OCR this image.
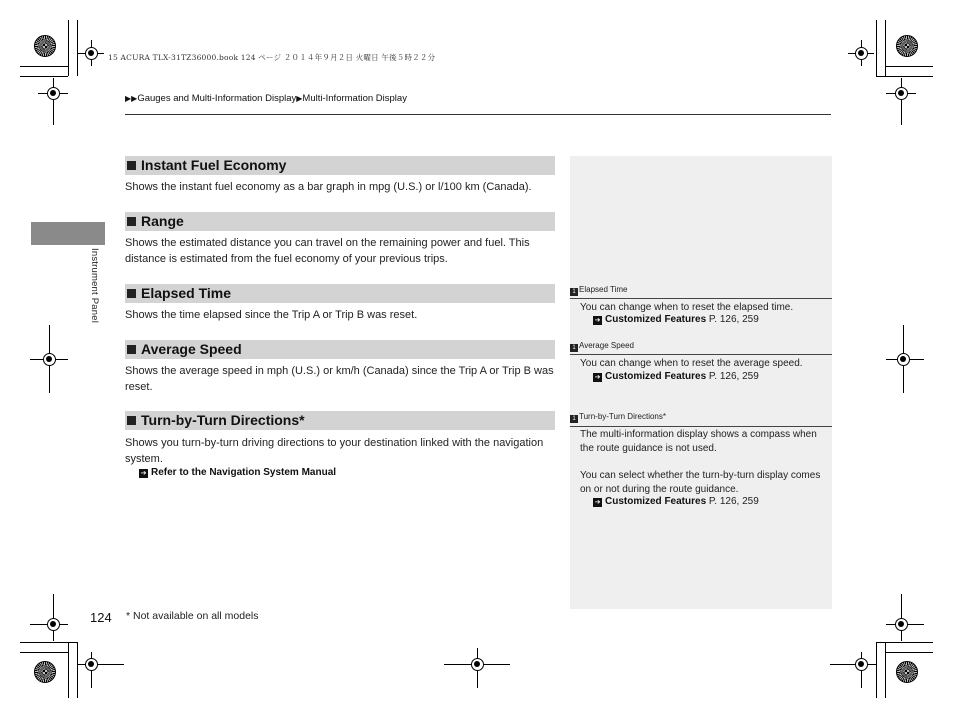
15 ACURA TLX-31TZ36000.book 124 ページ ２０１４年９月２日 火曜日 午後５時２２分
▶▶Gauges and Multi-Information Display▶Multi-Information Display
Instrument Panel
Instant Fuel Economy
Shows the instant fuel economy as a bar graph in mpg (U.S.) or l/100 km (Canada).
Range
Shows the estimated distance you can travel on the remaining power and fuel. This distance is estimated from the fuel economy of your previous trips.
Elapsed Time
Shows the time elapsed since the Trip A or Trip B was reset.
Average Speed
Shows the average speed in mph (U.S.) or km/h (Canada) since the Trip A or Trip B was reset.
Turn-by-Turn Directions*
Shows you turn-by-turn driving directions to your destination linked with the navigation system.
➔ Refer to the Navigation System Manual
1 Elapsed Time
You can change when to reset the elapsed time.
➔ Customized Features P. 126, 259
1 Average Speed
You can change when to reset the average speed.
➔ Customized Features P. 126, 259
1 Turn-by-Turn Directions*
The multi-information display shows a compass when the route guidance is not used.
You can select whether the turn-by-turn display comes on or not during the route guidance.
➔ Customized Features P. 126, 259
124 * Not available on all models
